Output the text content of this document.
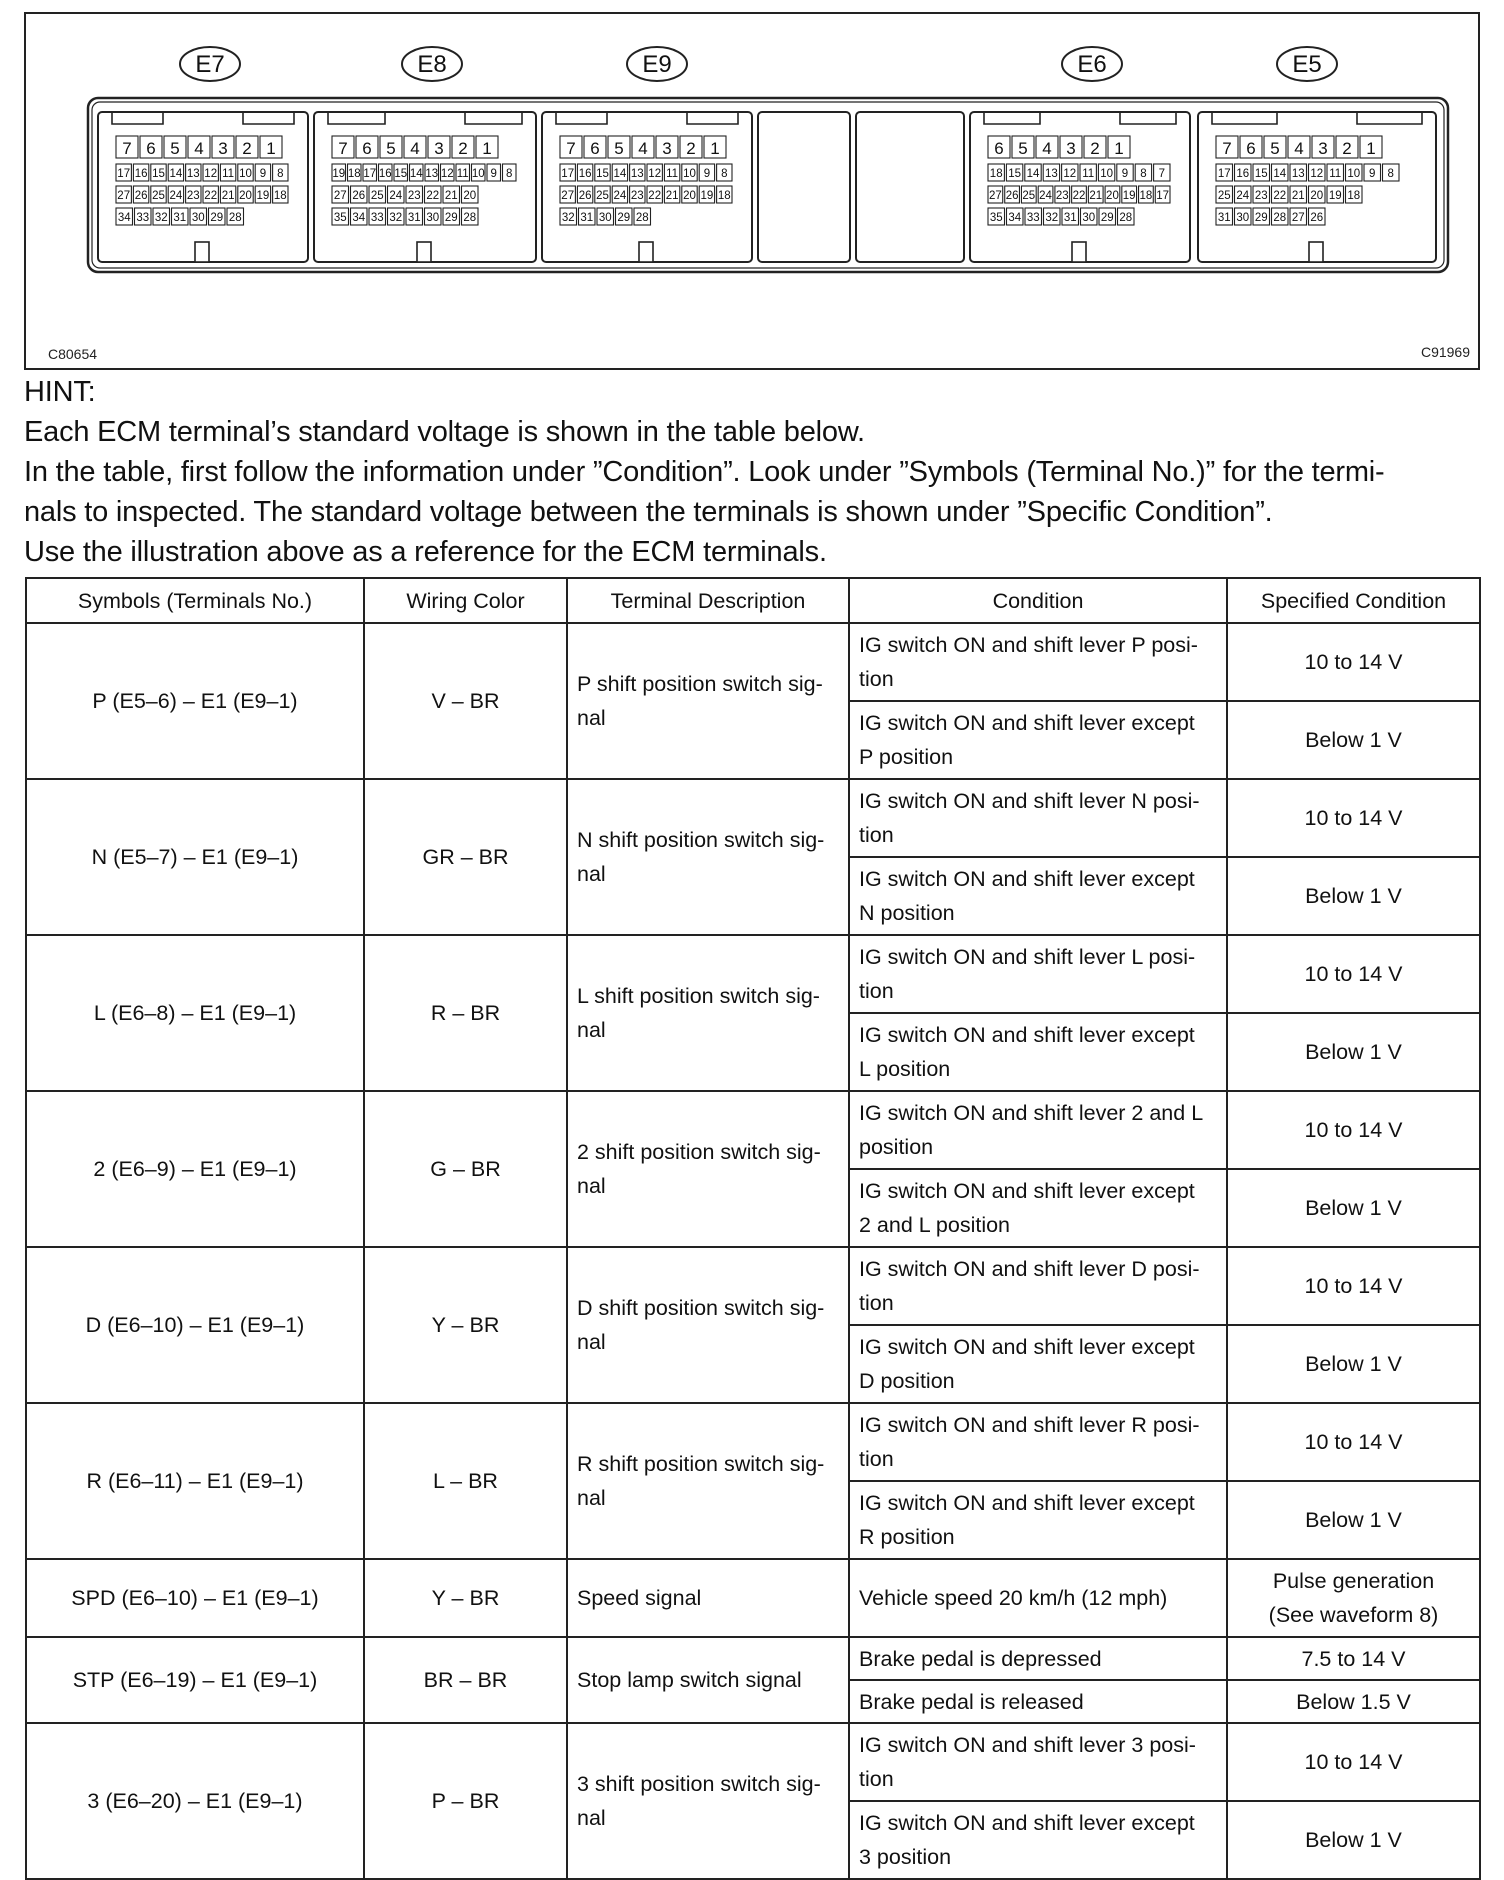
E7
7 6 5 4 3 2 1
17 16 15 14 13 12 11 10 9 8
27 26 25 24 23 22 21 20 19 18
34 33 32 31 30 29 28
E8
7 6 5 4 3 2 1
19 18 17 16 15 14 13 12 11 10 9 8
27 26 25 24 23 22 21 20
35 34 33 32 31 30 29 28
E9
7 6 5 4 3 2 1
17 16 15 14 13 12 11 10 9 8
27 26 25 24 23 22 21 20 19 18
32 31 30 29 28
E6
6 5 4 3 2 1
18 15 14 13 12 11 10 9 8 7
27 26 25 24 23 22 21 20 19 18 17
35 34 33 32 31 30 29 28
E5
7 6 5 4 3 2 1
17 16 15 14 13 12 11 10 9 8
25 24 23 22 21 20 19 18
31 30 29 28 27 26
C80654	C91969

HINT:

Each ECM terminal’s standard voltage is shown in the table below.

In the table, first follow the information under ”Condition”. Look under ”Symbols (Terminal No.)” for the termi-

nals to inspected. The standard voltage between the terminals is shown under ”Specific Condition”.

Use the illustration above as a reference for the ECM terminals.

Symbols (Terminals No.)	Wiring Color	Terminal Description	Condition	Specified Condition
P (E5–6) – E1 (E9–1)	V – BR	P shift position switch sig-
nal	IG switch ON and shift lever P posi-
tion	10 to 14 V
			IG switch ON and shift lever except
P position	Below 1 V
N (E5–7) – E1 (E9–1)	GR – BR	N shift position switch sig-
nal	IG switch ON and shift lever N posi-
tion	10 to 14 V
			IG switch ON and shift lever except
N position	Below 1 V
L (E6–8) – E1 (E9–1)	R – BR	L shift position switch sig-
nal	IG switch ON and shift lever L posi-
tion	10 to 14 V
			IG switch ON and shift lever except
L position	Below 1 V
2 (E6–9) – E1 (E9–1)	G – BR	2 shift position switch sig-
nal	IG switch ON and shift lever 2 and L
position	10 to 14 V
			IG switch ON and shift lever except
2 and L position	Below 1 V
D (E6–10) – E1 (E9–1)	Y – BR	D shift position switch sig-
nal	IG switch ON and shift lever D posi-
tion	10 to 14 V
			IG switch ON and shift lever except
D position	Below 1 V
R (E6–11) – E1 (E9–1)	L – BR	R shift position switch sig-
nal	IG switch ON and shift lever R posi-
tion	10 to 14 V
			IG switch ON and shift lever except
R position	Below 1 V
SPD (E6–10) – E1 (E9–1)	Y – BR	Speed signal	Vehicle speed 20 km/h (12 mph)	Pulse generation
(See waveform 8)
STP (E6–19) – E1 (E9–1)	BR – BR	Stop lamp switch signal	Brake pedal is depressed	7.5 to 14 V
			Brake pedal is released	Below 1.5 V
3 (E6–20) – E1 (E9–1)	P – BR	3 shift position switch sig-
nal	IG switch ON and shift lever 3 posi-
tion	10 to 14 V
			IG switch ON and shift lever except
3 position	Below 1 V
